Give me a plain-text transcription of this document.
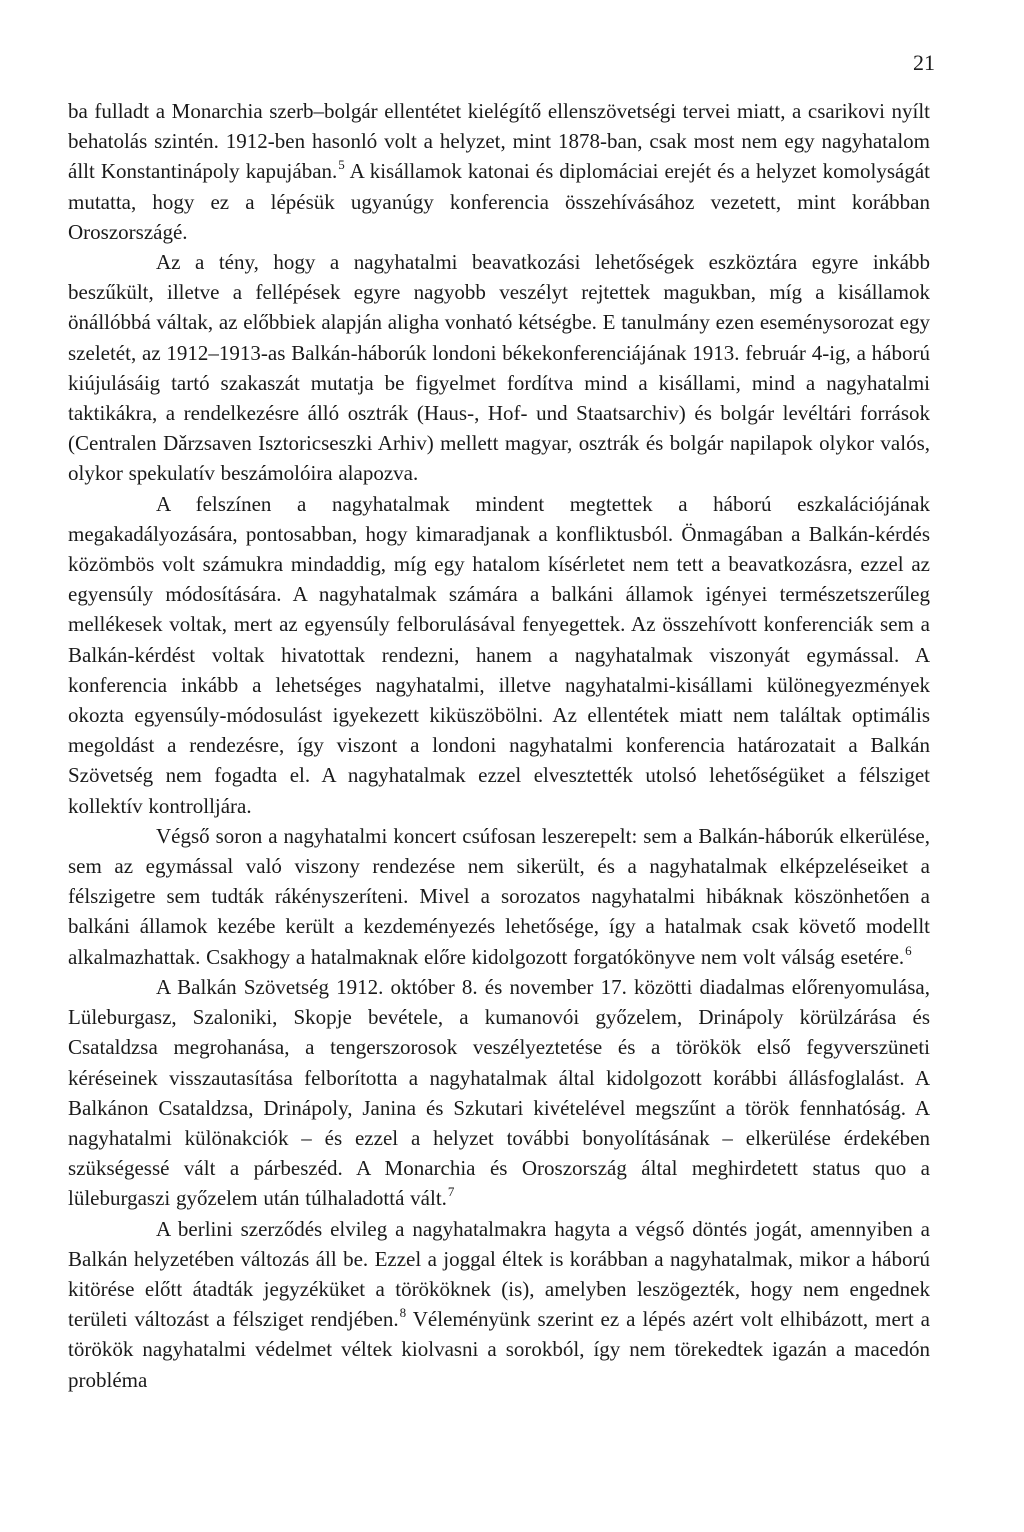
21

ba fulladt a Monarchia szerb–bolgár ellentétet kielégítő ellenszövetségi tervei miatt, a csarikovi nyílt behatolás szintén. 1912-ben hasonló volt a helyzet, mint 1878-ban, csak most nem egy nagyhatalom állt Konstantinápoly kapujában.$^5$ A kisállamok katonai és diplomáciai erejét és a helyzet komolyságát mutatta, hogy ez a lépésük ugyanúgy konferencia összehívásához vezetett, mint korábban Oroszországé.

Az a tény, hogy a nagyhatalmi beavatkozási lehetőségek eszköztára egyre inkább beszűkült, illetve a fellépések egyre nagyobb veszélyt rejtettek magukban, míg a kisállamok önállóbbá váltak, az előbbiek alapján aligha vonható kétségbe. E tanulmány ezen eseménysorozat egy szeletét, az 1912–1913-as Balkán-háborúk londoni békekonferenciájának 1913. február 4-ig, a háború kiújulásáig tartó szakaszát mutatja be figyelmet fordítva mind a kisállami, mind a nagyhatalmi taktikákra, a rendelkezésre álló osztrák (Haus-, Hof- und Staatsarchiv) és bolgár levéltári források (Centralen Dǎrzsaven Isztoricseszki Arhiv) mellett magyar, osztrák és bolgár napilapok olykor valós, olykor spekulatív beszámolóira alapozva.

A felszínen a nagyhatalmak mindent megtettek a háború eszkalációjának megakadályozására, pontosabban, hogy kimaradjanak a konfliktusból. Önmagában a Balkán-kérdés közömbös volt számukra mindaddig, míg egy hatalom kísérletet nem tett a beavatkozásra, ezzel az egyensúly módosítására. A nagyhatalmak számára a balkáni államok igényei természetszerűleg mellékesek voltak, mert az egyensúly felborulásával fenyegettek. Az összehívott konferenciák sem a Balkán-kérdést voltak hivatottak rendezni, hanem a nagyhatalmak viszonyát egymással. A konferencia inkább a lehetséges nagyhatalmi, illetve nagyhatalmi-kisállami különegyezmények okozta egyensúly-módosulást igyekezett kiküszöbölni. Az ellentétek miatt nem találtak optimális megoldást a rendezésre, így viszont a londoni nagyhatalmi konferencia határozatait a Balkán Szövetség nem fogadta el. A nagyhatalmak ezzel elvesztették utolsó lehetőségüket a félsziget kollektív kontrolljára.

Végső soron a nagyhatalmi koncert csúfosan leszerepelt: sem a Balkán-háborúk elkerülése, sem az egymással való viszony rendezése nem sikerült, és a nagyhatalmak elképzeléseiket a félszigetre sem tudták rákényszeríteni. Mivel a sorozatos nagyhatalmi hibáknak köszönhetően a balkáni államok kezébe került a kezdeményezés lehetősége, így a hatalmak csak követő modellt alkalmazhattak. Csakhogy a hatalmaknak előre kidolgozott forgatókönyve nem volt válság esetére.$^6$

A Balkán Szövetség 1912. október 8. és november 17. közötti diadalmas előrenyomulása, Lüleburgasz, Szaloniki, Skopje bevétele, a kumanovói győzelem, Drinápoly körülzárása és Csataldzsa megrohanása, a tengerszorosok veszélyeztetése és a törökök első fegyverszüneti kéréseinek visszautasítása felborította a nagyhatalmak által kidolgozott korábbi állásfoglalást. A Balkánon Csataldzsa, Drinápoly, Janina és Szkutari kivételével megszűnt a török fennhatóság. A nagyhatalmi különakciók – és ezzel a helyzet további bonyolításának – elkerülése érdekében szükségessé vált a párbeszéd. A Monarchia és Oroszország által meghirdetett status quo a lüleburgaszi győzelem után túlhaladottá vált.$^7$

A berlini szerződés elvileg a nagyhatalmakra hagyta a végső döntés jogát, amennyiben a Balkán helyzetében változás áll be. Ezzel a joggal éltek is korábban a nagyhatalmak, mikor a háború kitörése előtt átadták jegyzéküket a törököknek (is), amelyben leszögezték, hogy nem engednek területi változást a félsziget rendjében.$^8$ Véleményünk szerint ez a lépés azért volt elhibázott, mert a törökök nagyhatalmi védelmet véltek kiolvasni a sorokból, így nem törekedtek igazán a macedón probléma
